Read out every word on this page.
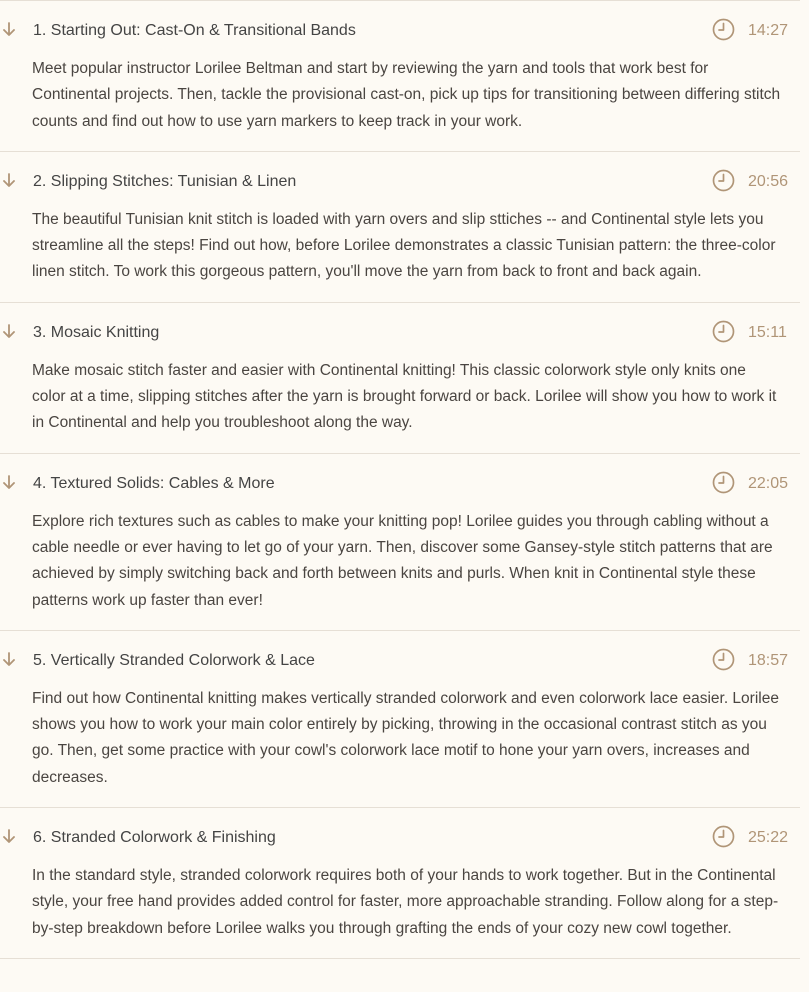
1. Starting Out: Cast-On & Transitional Bands	14:27

Meet popular instructor Lorilee Beltman and start by reviewing the yarn and tools that work best for Continental projects. Then, tackle the provisional cast-on, pick up tips for transitioning between differing stitch counts and find out how to use yarn markers to keep track in your work.

2. Slipping Stitches: Tunisian & Linen	20:56

The beautiful Tunisian knit stitch is loaded with yarn overs and slip sttiches -- and Continental style lets you streamline all the steps! Find out how, before Lorilee demonstrates a classic Tunisian pattern: the three-color linen stitch. To work this gorgeous pattern, you'll move the yarn from back to front and back again.

3. Mosaic Knitting	15:11

Make mosaic stitch faster and easier with Continental knitting! This classic colorwork style only knits one color at a time, slipping stitches after the yarn is brought forward or back. Lorilee will show you how to work it in Continental and help you troubleshoot along the way.

4. Textured Solids: Cables & More	22:05

Explore rich textures such as cables to make your knitting pop! Lorilee guides you through cabling without a cable needle or ever having to let go of your yarn. Then, discover some Gansey-style stitch patterns that are achieved by simply switching back and forth between knits and purls. When knit in Continental style these patterns work up faster than ever!

5. Vertically Stranded Colorwork & Lace	18:57

Find out how Continental knitting makes vertically stranded colorwork and even colorwork lace easier. Lorilee shows you how to work your main color entirely by picking, throwing in the occasional contrast stitch as you go. Then, get some practice with your cowl's colorwork lace motif to hone your yarn overs, increases and decreases.

6. Stranded Colorwork & Finishing	25:22

In the standard style, stranded colorwork requires both of your hands to work together. But in the Continental style, your free hand provides added control for faster, more approachable stranding. Follow along for a step-by-step breakdown before Lorilee walks you through grafting the ends of your cozy new cowl together.
